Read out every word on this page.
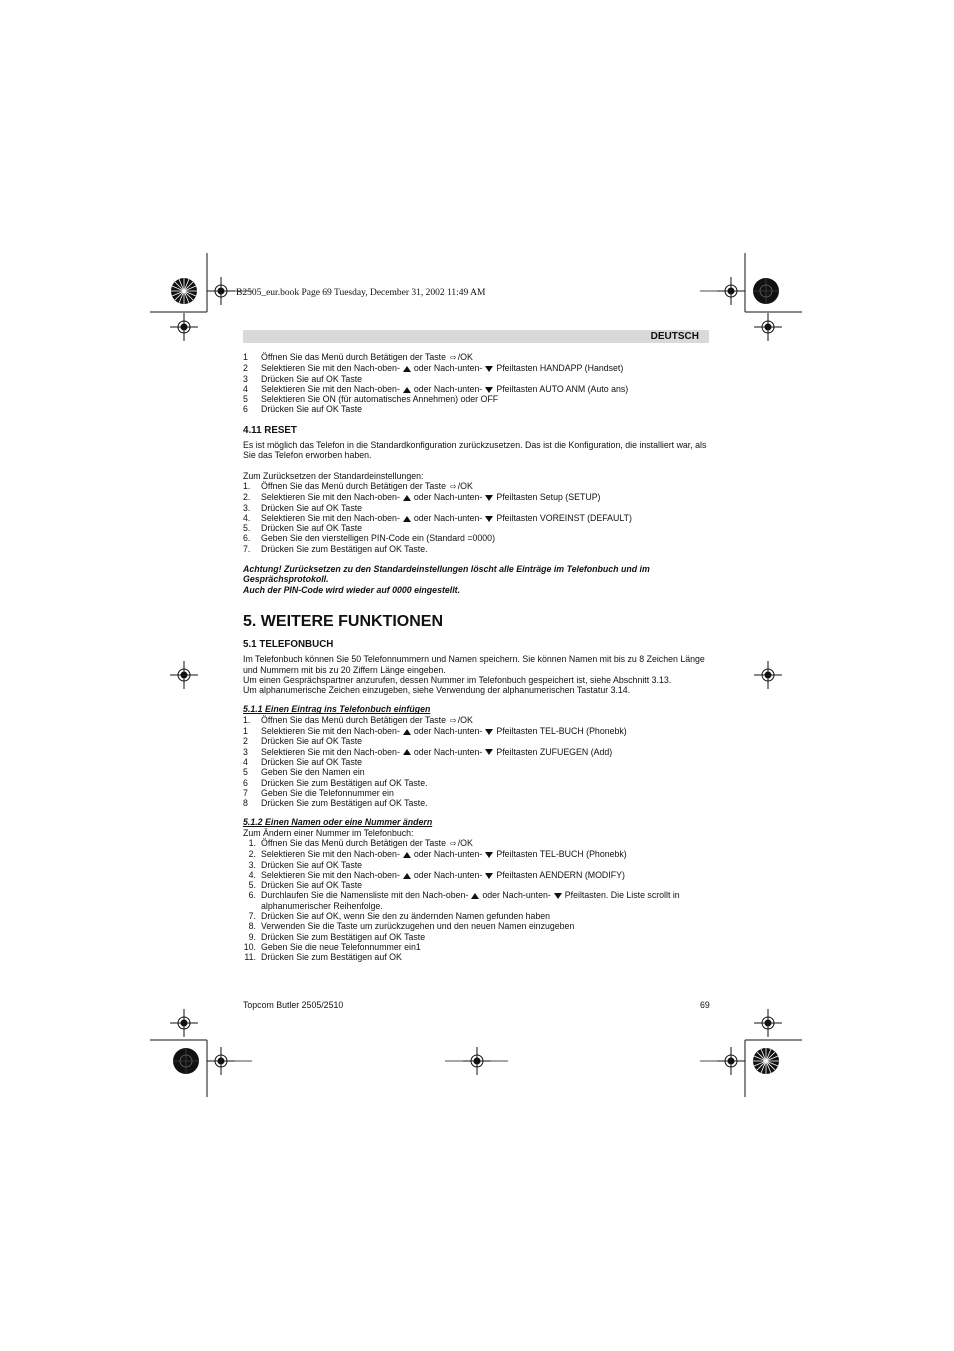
B2505_eur.book Page 69 Tuesday, December 31, 2002 11:49 AM
DEUTSCH
1	Öffnen Sie das Menü durch Betätigen der Taste ⇨/OK
2	Selektieren Sie mit den Nach-oben- oder Nach-unten- Pfeiltasten HANDAPP (Handset)
3	Drücken Sie auf OK Taste
4	Selektieren Sie mit den Nach-oben- oder Nach-unten- Pfeiltasten AUTO ANM (Auto ans)
5	Selektieren Sie ON (für automatisches Annehmen) oder OFF
6	Drücken Sie auf OK Taste
4.11 RESET
Es ist möglich das Telefon in die Standardkonfiguration zurückzusetzen. Das ist die Konfiguration, die installiert war, als Sie das Telefon erworben haben.
Zum Zurücksetzen der Standardeinstellungen:
1.	Öffnen Sie das Menü durch Betätigen der Taste ⇨/OK
2.	Selektieren Sie mit den Nach-oben- oder Nach-unten- Pfeiltasten Setup (SETUP)
3.	Drücken Sie auf OK Taste
4.	Selektieren Sie mit den Nach-oben- oder Nach-unten- Pfeiltasten VOREINST (DEFAULT)
5.	Drücken Sie auf OK Taste
6.	Geben Sie den vierstelligen PIN-Code ein (Standard =0000)
7.	Drücken Sie zum Bestätigen auf OK Taste.
Achtung! Zurücksetzen zu den Standardeinstellungen löscht alle Einträge im Telefonbuch und im Gesprächsprotokoll.
Auch der PIN-Code wird wieder auf 0000 eingestellt.
5. WEITERE FUNKTIONEN
5.1 TELEFONBUCH
Im Telefonbuch können Sie 50 Telefonnummern und Namen speichern. Sie können Namen mit bis zu 8 Zeichen Länge und Nummern mit bis zu 20 Ziffern Länge eingeben.
Um einen Gesprächspartner anzurufen, dessen Nummer im Telefonbuch gespeichert ist, siehe Abschnitt 3.13.
Um alphanumerische Zeichen einzugeben, siehe Verwendung der alphanumerischen Tastatur 3.14.
5.1.1 Einen Eintrag ins Telefonbuch einfügen
1.	Öffnen Sie das Menü durch Betätigen der Taste ⇨/OK
1	Selektieren Sie mit den Nach-oben- oder Nach-unten- Pfeiltasten TEL-BUCH (Phonebk)
2	Drücken Sie auf OK Taste
3	Selektieren Sie mit den Nach-oben- oder Nach-unten- Pfeiltasten ZUFUEGEN (Add)
4	Drücken Sie auf OK Taste
5	Geben Sie den Namen ein
6	Drücken Sie zum Bestätigen auf OK Taste.
7	Geben Sie die Telefonnummer ein
8	Drücken Sie zum Bestätigen auf OK Taste.
5.1.2 Einen Namen oder eine Nummer ändern
Zum Ändern einer Nummer im Telefonbuch:
1. Öffnen Sie das Menü durch Betätigen der Taste ⇨/OK
2. Selektieren Sie mit den Nach-oben- oder Nach-unten- Pfeiltasten TEL-BUCH (Phonebk)
3. Drücken Sie auf OK Taste
4. Selektieren Sie mit den Nach-oben- oder Nach-unten- Pfeiltasten AENDERN (MODIFY)
5. Drücken Sie auf OK Taste
6. Durchlaufen Sie die Namensliste mit den Nach-oben- oder Nach-unten- Pfeiltasten. Die Liste scrollt in alphanumerischer Reihenfolge.
7. Drücken Sie auf OK, wenn Sie den zu ändernden Namen gefunden haben
8. Verwenden Sie die Taste um zurückzugehen und den neuen Namen einzugeben
9. Drücken Sie zum Bestätigen auf OK Taste
10. Geben Sie die neue Telefonnummer ein1
11. Drücken Sie zum Bestätigen auf OK
Topcom Butler 2505/2510	69
